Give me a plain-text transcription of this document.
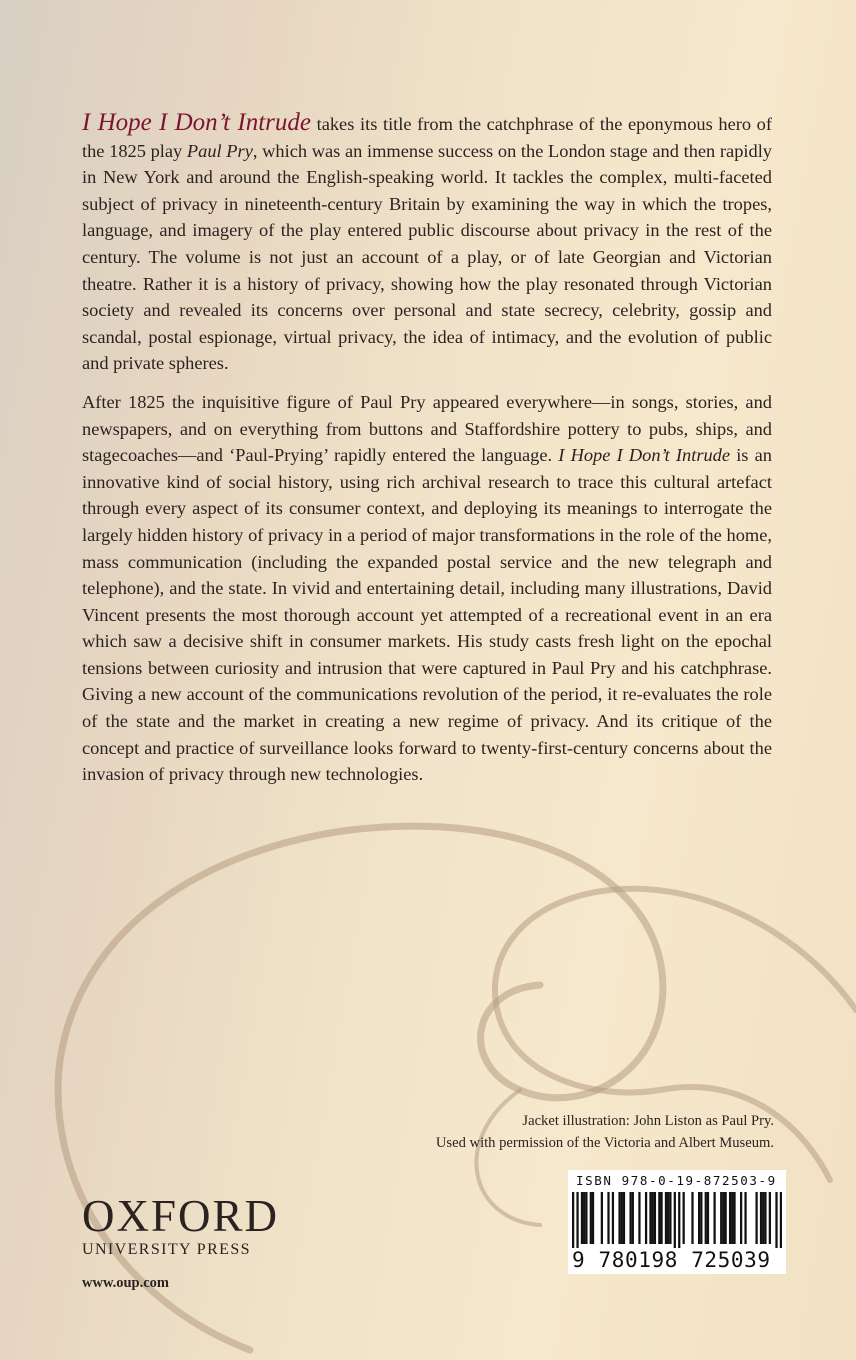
I Hope I Don’t Intrude takes its title from the catchphrase of the eponymous hero of the 1825 play Paul Pry, which was an immense success on the London stage and then rapidly in New York and around the English-speaking world. It tackles the complex, multi-faceted subject of privacy in nineteenth-century Britain by examining the way in which the tropes, language, and imagery of the play entered public discourse about privacy in the rest of the century. The volume is not just an account of a play, or of late Georgian and Victorian theatre. Rather it is a history of privacy, showing how the play resonated through Victorian society and revealed its concerns over personal and state secrecy, celebrity, gossip and scandal, postal espionage, virtual privacy, the idea of intimacy, and the evolution of public and private spheres.

After 1825 the inquisitive figure of Paul Pry appeared everywhere—in songs, stories, and newspapers, and on everything from buttons and Staffordshire pottery to pubs, ships, and stagecoaches—and ‘Paul-Prying’ rapidly entered the language. I Hope I Don’t Intrude is an innovative kind of social history, using rich archival research to trace this cultural artefact through every aspect of its consumer context, and deploying its meanings to interrogate the largely hidden history of privacy in a period of major transformations in the role of the home, mass communication (including the expanded postal service and the new telegraph and telephone), and the state. In vivid and entertaining detail, including many illustrations, David Vincent presents the most thorough account yet attempted of a recreational event in an era which saw a decisive shift in consumer markets. His study casts fresh light on the epochal tensions between curiosity and intrusion that were captured in Paul Pry and his catchphrase. Giving a new account of the communications revolution of the period, it re-evaluates the role of the state and the market in creating a new regime of privacy. And its critique of the concept and practice of surveillance looks forward to twenty-first-century concerns about the invasion of privacy through new technologies.

Jacket illustration: John Liston as Paul Pry.
Used with permission of the Victoria and Albert Museum.
OXFORD
UNIVERSITY PRESS
www.oup.com
ISBN 978-0-19-872503-9
9 780198 725039
